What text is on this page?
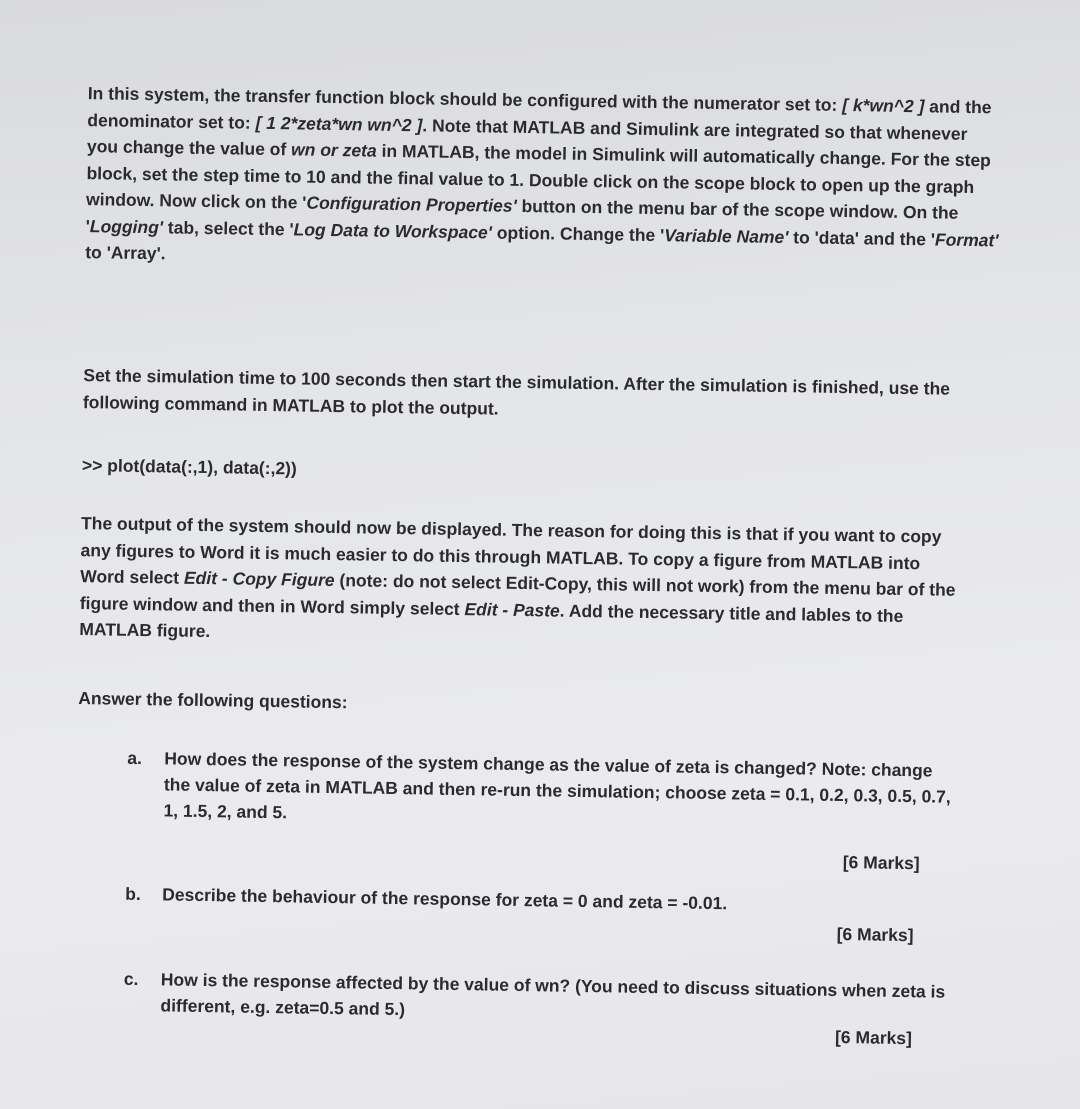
In this system, the transfer function block should be configured with the numerator set to: [ k*wn^2 ] and the denominator set to: [ 1 2*zeta*wn wn^2 ]. Note that MATLAB and Simulink are integrated so that whenever you change the value of wn or zeta in MATLAB, the model in Simulink will automatically change. For the step block, set the step time to 10 and the final value to 1. Double click on the scope block to open up the graph window. Now click on the 'Configuration Properties' button on the menu bar of the scope window. On the 'Logging' tab, select the 'Log Data to Workspace' option. Change the 'Variable Name' to 'data' and the 'Format' to 'Array'.

Set the simulation time to 100 seconds then start the simulation. After the simulation is finished, use the following command in MATLAB to plot the output.

>> plot(data(:,1), data(:,2))

The output of the system should now be displayed. The reason for doing this is that if you want to copy any figures to Word it is much easier to do this through MATLAB. To copy a figure from MATLAB into Word select Edit - Copy Figure (note: do not select Edit-Copy, this will not work) from the menu bar of the figure window and then in Word simply select Edit - Paste. Add the necessary title and lables to the MATLAB figure.

Answer the following questions:

a.	How does the response of the system change as the value of zeta is changed? Note: change the value of zeta in MATLAB and then re-run the simulation; choose zeta = 0.1, 0.2, 0.3, 0.5, 0.7, 1, 1.5, 2, and 5.
[6 Marks]
b.	Describe the behaviour of the response for zeta = 0 and zeta = -0.01.
[6 Marks]
c.	How is the response affected by the value of wn? (You need to discuss situations when zeta is different, e.g. zeta=0.5 and 5.)
[6 Marks]
